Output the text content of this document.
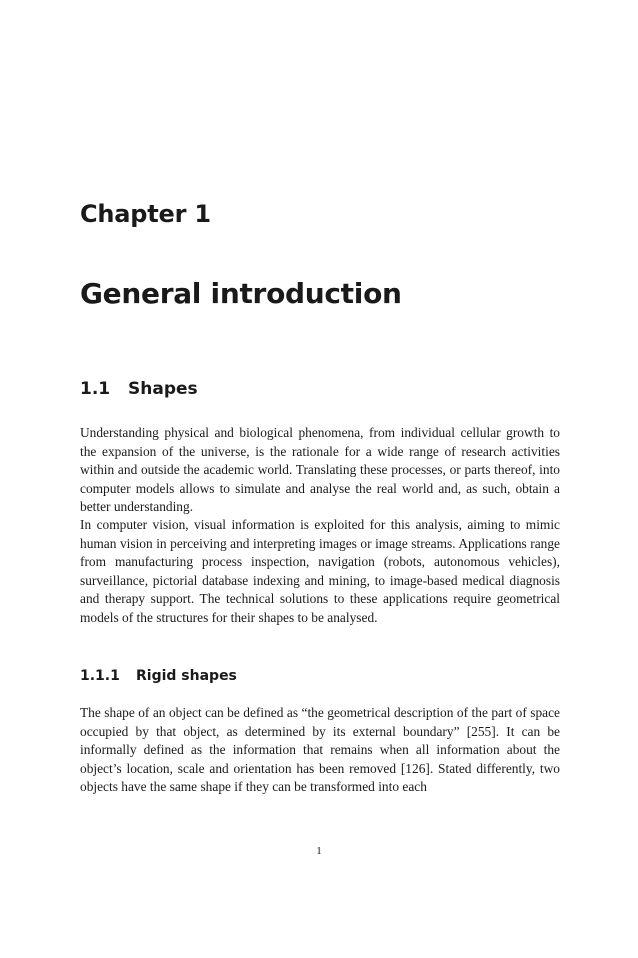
Chapter 1
General introduction
1.1 Shapes

Understanding physical and biological phenomena, from individual cellular growth to the expansion of the universe, is the rationale for a wide range of research activities within and outside the academic world. Translating these processes, or parts thereof, into computer models allows to simulate and analyse the real world and, as such, obtain a better understanding.

In computer vision, visual information is exploited for this analysis, aiming to mimic human vision in perceiving and interpreting images or image streams. Applications range from manufacturing process inspection, navigation (robots, autonomous vehicles), surveillance, pictorial database indexing and mining, to image-based medical diagnosis and therapy support. The technical solutions to these applications require geometrical models of the structures for their shapes to be analysed.

1.1.1 Rigid shapes

The shape of an object can be defined as “the geometrical description of the part of space occupied by that object, as determined by its external boundary” [255]. It can be informally defined as the information that remains when all information about the object’s location, scale and orientation has been removed [126]. Stated differently, two objects have the same shape if they can be transformed into each

1
